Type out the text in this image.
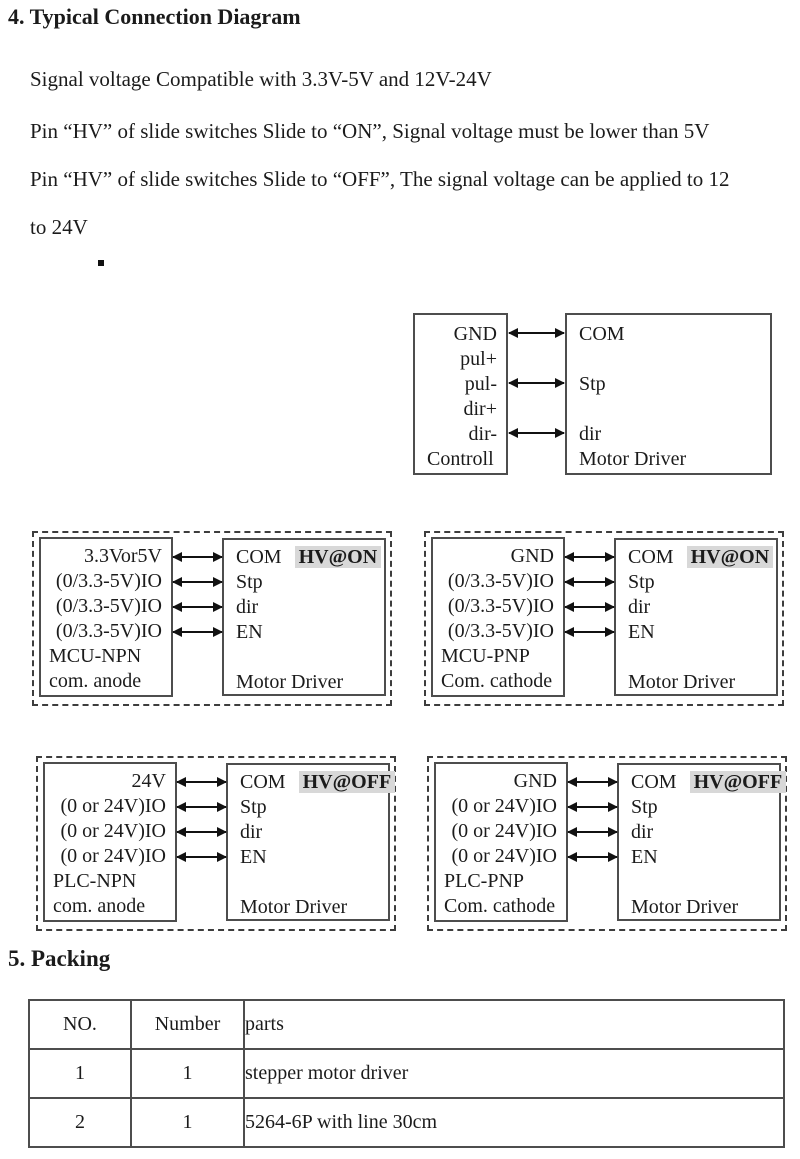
4. Typical Connection Diagram
Signal voltage Compatible with 3.3V-5V and 12V-24V
Pin “HV” of slide switches Slide to “ON”, Signal voltage must be lower than 5V
Pin “HV” of slide switches Slide to “OFF”, The signal voltage can be applied to 12
to 24V
GND
pul+
pul-
dir+
dir-
Controll
COM
Stp
dir
Motor Driver
3.3Vor5V
(0/3.3-5V)IO
(0/3.3-5V)IO
(0/3.3-5V)IO
MCU-NPN
com. anode
COM HV@ON
Stp
dir
EN
Motor Driver
GND
(0/3.3-5V)IO
(0/3.3-5V)IO
(0/3.3-5V)IO
MCU-PNP
Com. cathode
COM HV@ON
Stp
dir
EN
Motor Driver
24V
(0 or 24V)IO
(0 or 24V)IO
(0 or 24V)IO
PLC-NPN
com. anode
COM HV@OFF
Stp
dir
EN
Motor Driver
GND
(0 or 24V)IO
(0 or 24V)IO
(0 or 24V)IO
PLC-PNP
Com. cathode
COM HV@OFF
Stp
dir
EN
Motor Driver
5. Packing
NO.	Number	parts
1	1	stepper motor driver
2	1	5264-6P with line 30cm
